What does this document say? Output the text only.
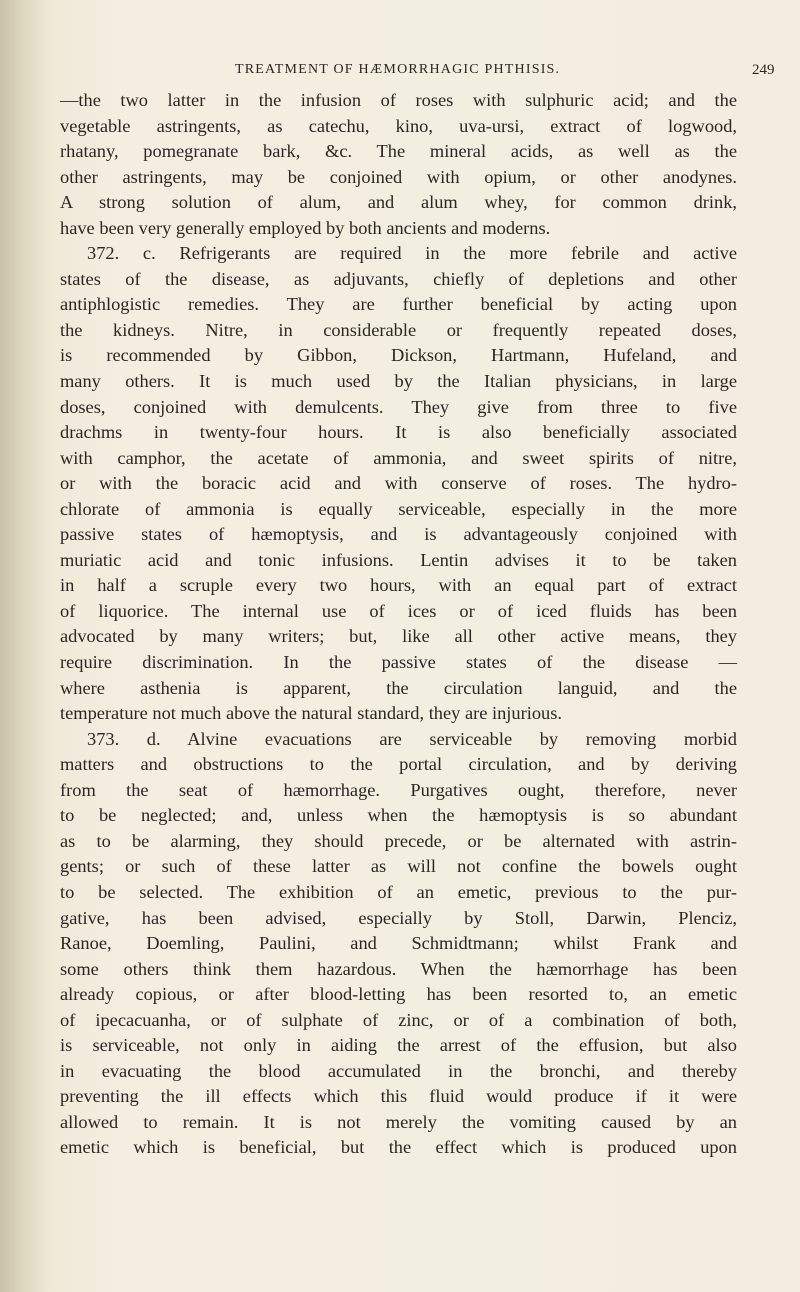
TREATMENT OF HÆMORRHAGIC PHTHISIS.	249
—the two latter in the infusion of roses with sulphuric acid; and the
vegetable astringents, as catechu, kino, uva-ursi, extract of logwood,
rhatany, pomegranate bark, &c. The mineral acids, as well as the
other astringents, may be conjoined with opium, or other anodynes.
A strong solution of alum, and alum whey, for common drink,
have been very generally employed by both ancients and moderns.
372. c. Refrigerants are required in the more febrile and active
states of the disease, as adjuvants, chiefly of depletions and other
antiphlogistic remedies. They are further beneficial by acting upon
the kidneys. Nitre, in considerable or frequently repeated doses,
is recommended by Gibbon, Dickson, Hartmann, Hufeland, and
many others. It is much used by the Italian physicians, in large
doses, conjoined with demulcents. They give from three to five
drachms in twenty-four hours. It is also beneficially associated
with camphor, the acetate of ammonia, and sweet spirits of nitre,
or with the boracic acid and with conserve of roses. The hydro-
chlorate of ammonia is equally serviceable, especially in the more
passive states of hæmoptysis, and is advantageously conjoined with
muriatic acid and tonic infusions. Lentin advises it to be taken
in half a scruple every two hours, with an equal part of extract
of liquorice. The internal use of ices or of iced fluids has been
advocated by many writers; but, like all other active means, they
require discrimination. In the passive states of the disease —
where asthenia is apparent, the circulation languid, and the
temperature not much above the natural standard, they are injurious.
373. d. Alvine evacuations are serviceable by removing morbid
matters and obstructions to the portal circulation, and by deriving
from the seat of hæmorrhage. Purgatives ought, therefore, never
to be neglected; and, unless when the hæmoptysis is so abundant
as to be alarming, they should precede, or be alternated with astrin-
gents; or such of these latter as will not confine the bowels ought
to be selected. The exhibition of an emetic, previous to the pur-
gative, has been advised, especially by Stoll, Darwin, Plenciz,
Ranoe, Doemling, Paulini, and Schmidtmann; whilst Frank and
some others think them hazardous. When the hæmorrhage has been
already copious, or after blood-letting has been resorted to, an emetic
of ipecacuanha, or of sulphate of zinc, or of a combination of both,
is serviceable, not only in aiding the arrest of the effusion, but also
in evacuating the blood accumulated in the bronchi, and thereby
preventing the ill effects which this fluid would produce if it were
allowed to remain. It is not merely the vomiting caused by an
emetic which is beneficial, but the effect which is produced upon
